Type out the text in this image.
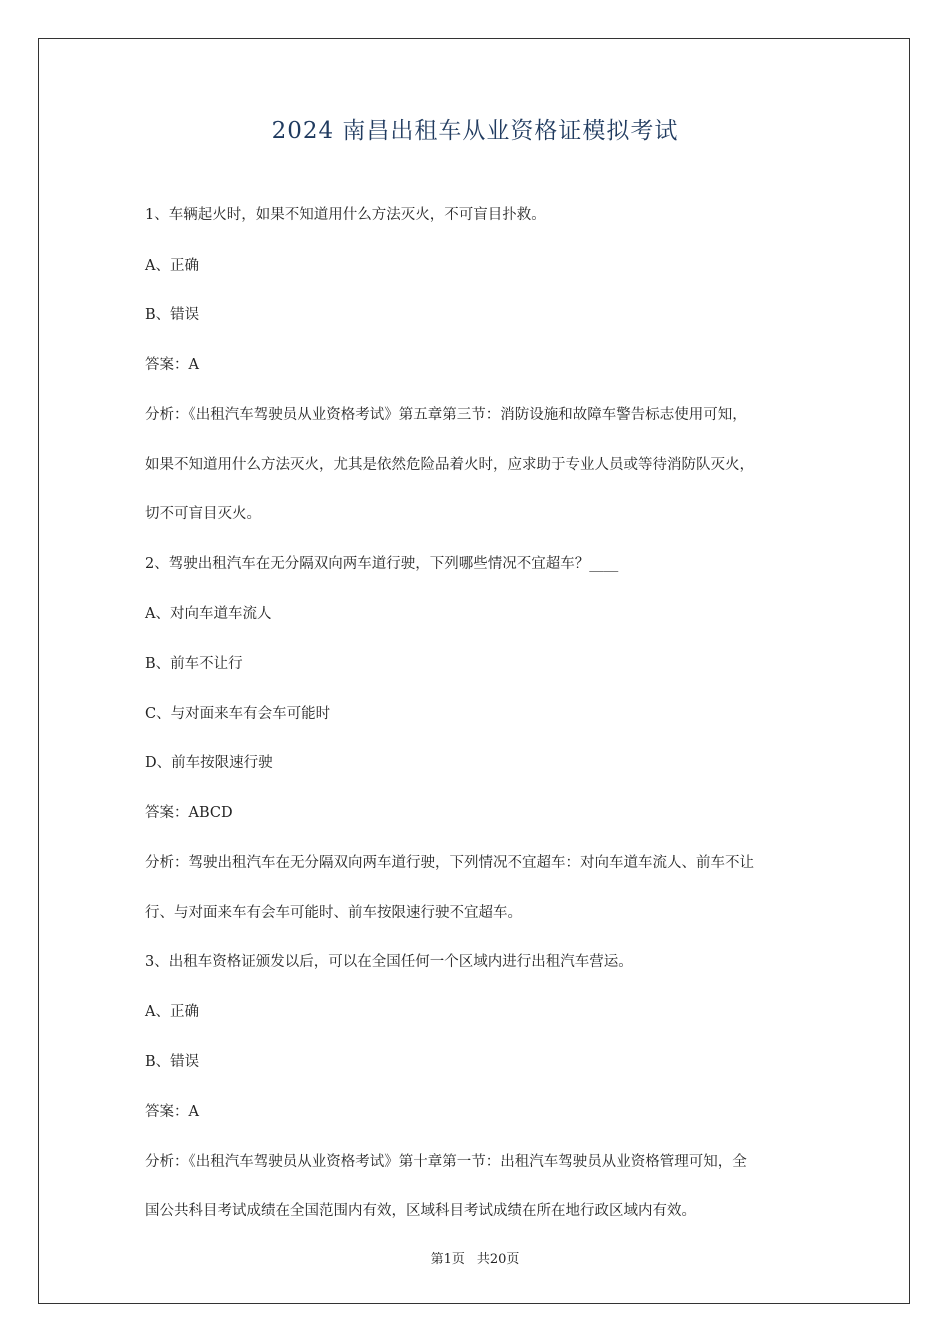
2024 南昌出租车从业资格证模拟考试
1、车辆起火时，如果不知道用什么方法灭火，不可盲目扑救。
A、正确
B、错误
答案：A
分析：《出租汽车驾驶员从业资格考试》第五章第三节：消防设施和故障车警告标志使用可知，
如果不知道用什么方法灭火，尤其是依然危险品着火时，应求助于专业人员或等待消防队灭火，
切不可盲目灭火。
2、驾驶出租汽车在无分隔双向两车道行驶，下列哪些情况不宜超车？____
A、对向车道车流人
B、前车不让行
C、与对面来车有会车可能时
D、前车按限速行驶
答案：ABCD
分析：驾驶出租汽车在无分隔双向两车道行驶，下列情况不宜超车：对向车道车流人、前车不让
行、与对面来车有会车可能时、前车按限速行驶不宜超车。
3、出租车资格证颁发以后，可以在全国任何一个区域内进行出租汽车营运。
A、正确
B、错误
答案：A
分析：《出租汽车驾驶员从业资格考试》第十章第一节：出租汽车驾驶员从业资格管理可知，全
国公共科目考试成绩在全国范围内有效，区域科目考试成绩在所在地行政区域内有效。
第1页 共20页
